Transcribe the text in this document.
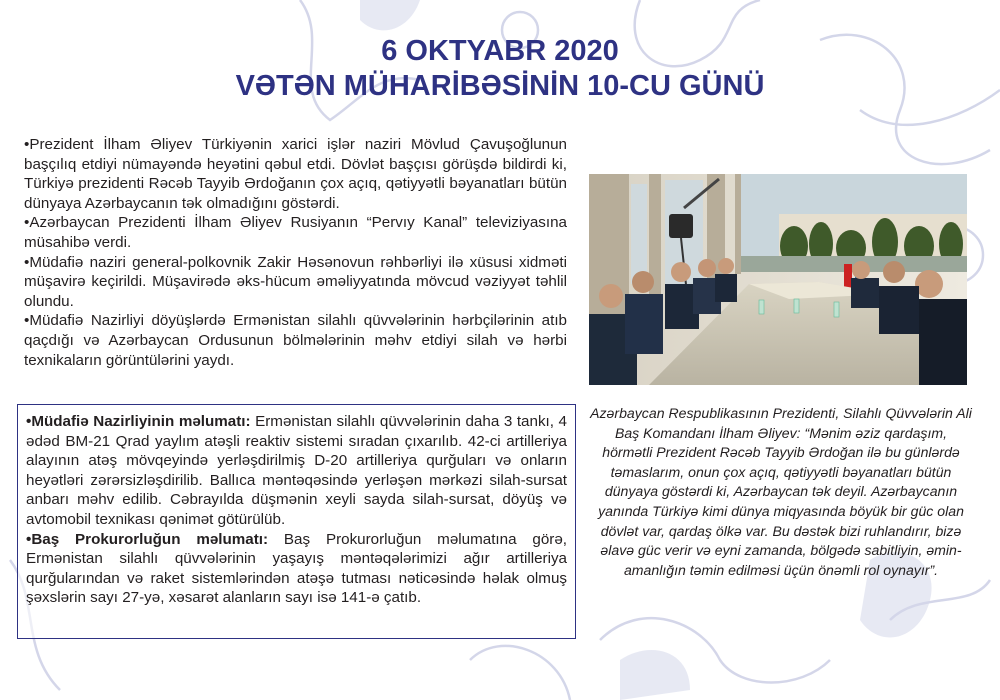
6 OKTYABR 2020
VƏTƏN MÜHARİBƏSİNİN 10-CU GÜNÜ

•Prezident İlham Əliyev Türkiyənin xarici işlər naziri Mövlud Çavuşoğlunun başçılıq etdiyi nümayəndə heyətini qəbul etdi. Dövlət başçısı görüşdə bildirdi ki, Türkiyə prezidenti Rəcəb Tayyib Ərdoğanın çox açıq, qətiyyətli bəyanatları bütün dünyaya Azərbaycanın tək olmadığını göstərdi.

•Azərbaycan Prezidenti İlham Əliyev Rusiyanın “Pervıy Kanal” televiziyasına müsahibə verdi.

•Müdafiə naziri general-polkovnik Zakir Həsənovun rəhbərliyi ilə xüsusi xidməti müşavirə keçirildi. Müşavirədə əks-hücum əməliyyatında mövcud vəziyyət təhlil olundu.

•Müdafiə Nazirliyi döyüşlərdə Ermənistan silahlı qüvvələrinin hərbçilərinin atıb qaçdığı və Azərbaycan Ordusunun bölmələrinin məhv etdiyi silah və hərbi texnikaların görüntülərini yaydı.

•Müdafiə Nazirliyinin məlumatı: Ermənistan silahlı qüvvələrinin daha 3 tankı, 4 ədəd BM-21 Qrad yaylım atəşli reaktiv sistemi sıradan çıxarılıb. 42-ci artilleriya alayının atəş mövqeyində yerləşdirilmiş D-20 artilleriya qurğuları və onların heyətləri zərərsizləşdirilib. Ballıca məntəqəsində yerləşən mərkəzi silah-sursat anbarı məhv edilib. Cəbrayılda düşmənin xeyli sayda silah-sursat, döyüş və avtomobil texnikası qənimət götürülüb.

•Baş Prokurorluğun məlumatı: Baş Prokurorluğun məlumatına görə, Ermənistan silahlı qüvvələrinin yaşayış məntəqələrimizi ağır artilleriya qurğularından və raket sistemlərindən atəşə tutması nəticəsində həlak olmuş şəxslərin sayı 27-yə, xəsarət alanların sayı isə 141-ə çatıb.

Azərbaycan Respublikasının Prezidenti, Silahlı Qüvvələrin Ali Baş Komandanı İlham Əliyev: “Mənim əziz qardaşım, hörmətli Prezident Rəcəb Tayyib Ərdoğan ilə bu günlərdə təmaslarım, onun çox açıq, qətiyyətli bəyanatları bütün dünyaya göstərdi ki, Azərbaycan tək deyil. Azərbaycanın yanında Türkiyə kimi dünya miqyasında böyük bir güc olan dövlət var, qardaş ölkə var. Bu dəstək bizi ruhlandırır, bizə əlavə güc verir və eyni zamanda, bölgədə sabitliyin, əmin-amanlığın təmin edilməsi üçün önəmli rol oynayır”.
